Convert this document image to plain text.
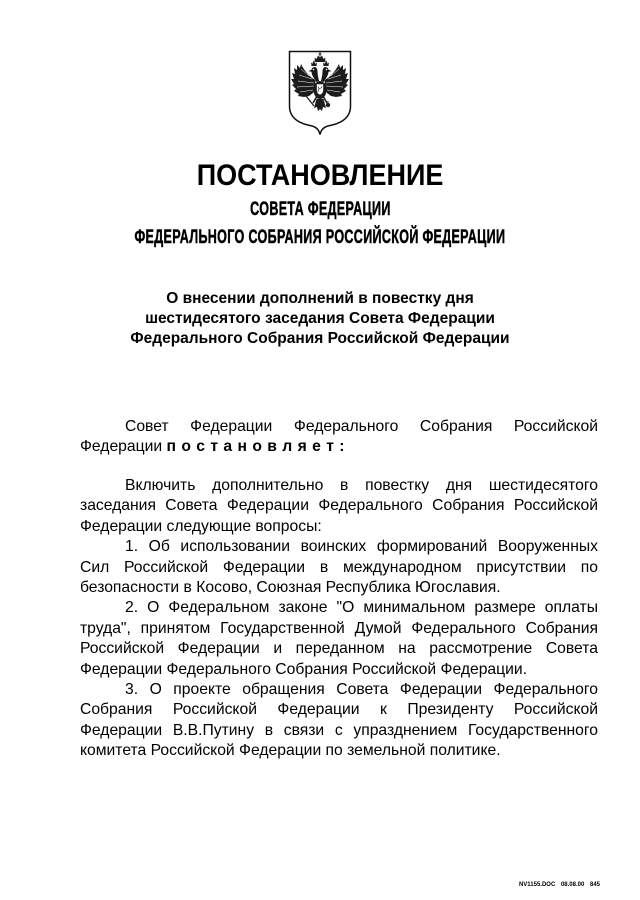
ПОСТАНОВЛЕНИЕ
СОВЕТА ФЕДЕРАЦИИ
ФЕДЕРАЛЬНОГО СОБРАНИЯ РОССИЙСКОЙ ФЕДЕРАЦИИ
О внесении дополнений в повестку дня
шестидесятого заседания Совета Федерации
Федерального Собрания Российской Федерации
Совет Федерации Федерального Собрания Российской
Федерации п о с т а н о в л я е т :
Включить дополнительно в повестку дня шестидесятого
заседания Совета Федерации Федерального Собрания Российской
Федерации следующие вопросы:
1. Об использовании воинских формирований Вооруженных
Сил Российской Федерации в международном присутствии по
безопасности в Косово, Союзная Республика Югославия.
2. О Федеральном законе "О минимальном размере оплаты
труда", принятом Государственной Думой Федерального Собрания
Российской Федерации и переданном на рассмотрение Совета
Федерации Федерального Собрания Российской Федерации.
3. О проекте обращения Совета Федерации Федерального
Собрания Российской Федерации к Президенту Российской
Федерации В.В.Путину в связи с упразднением Государственного
комитета Российской Федерации по земельной политике.
NV1155.DOC 08.08.00 845
